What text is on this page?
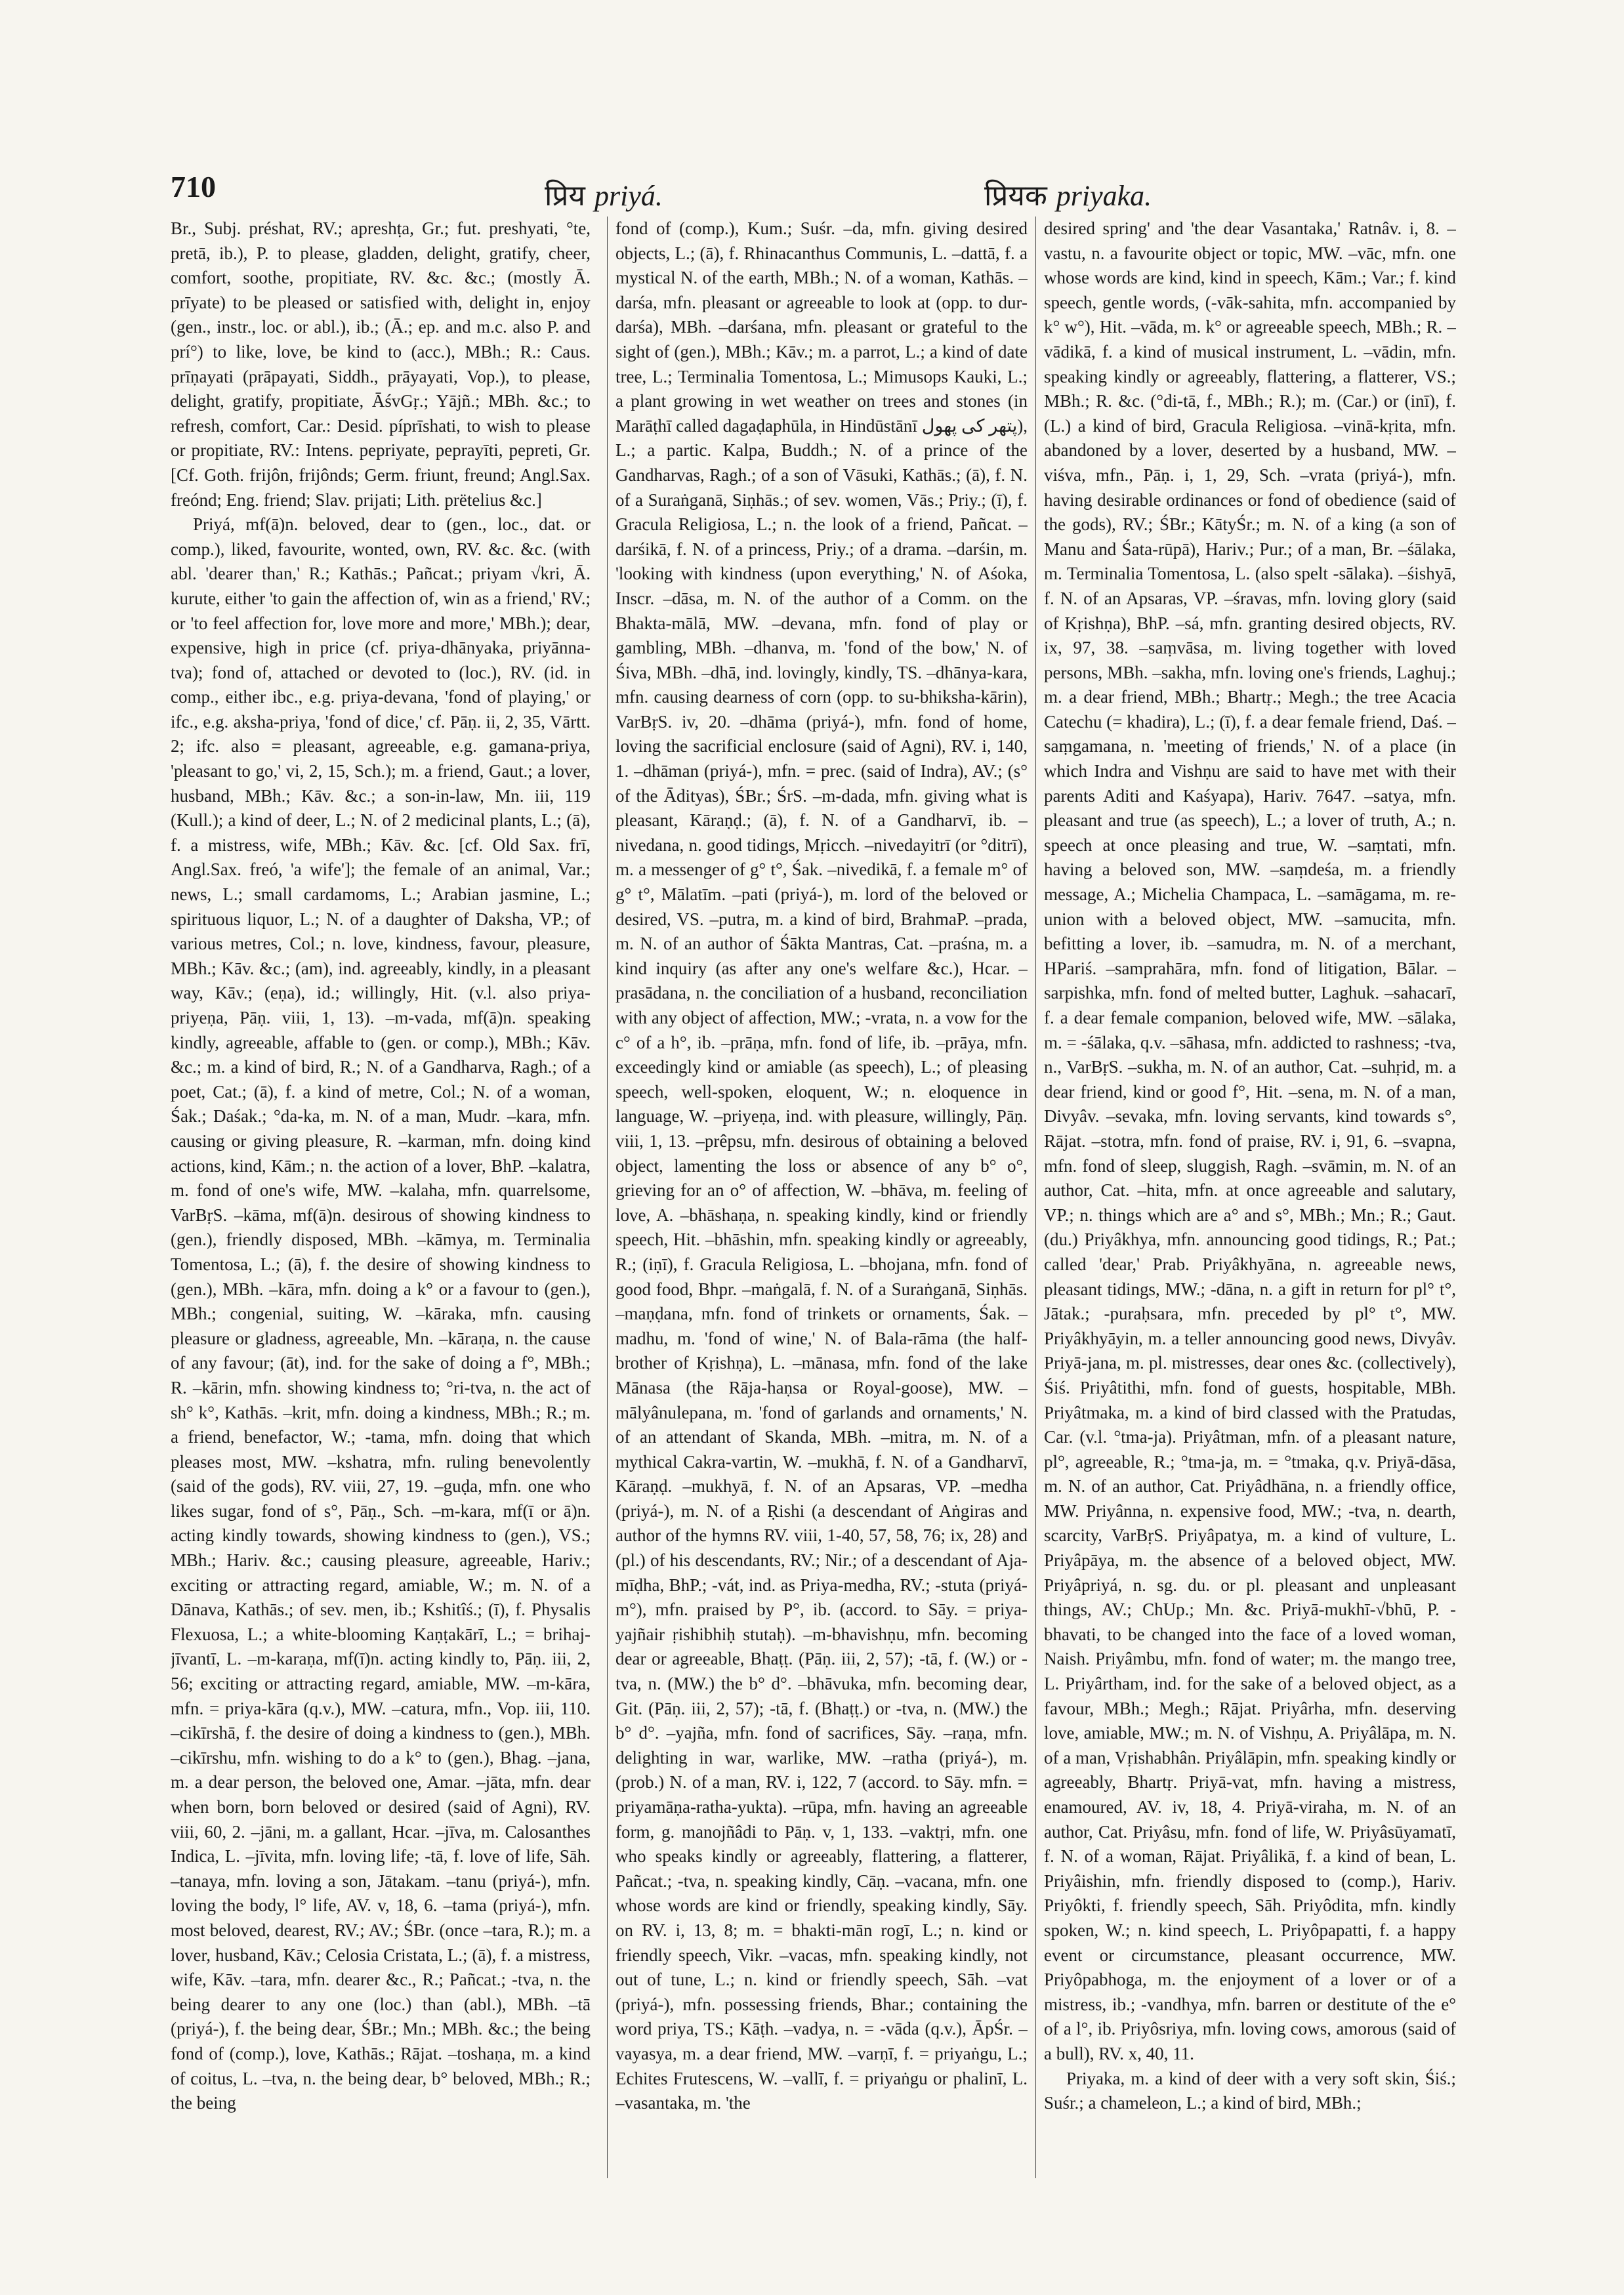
710	प्रिय priyá.	प्रियक priyaka.

Br., Subj. préshat, RV.; apreshṭa, Gr.; fut. preshyati, °te, pretā, ib.), P. to please, gladden, delight, gratify, cheer, comfort, soothe, propitiate, RV. &c. &c.; (mostly Ā. prīyate) to be pleased or satisfied with, delight in, enjoy (gen., instr., loc. or abl.), ib.; (Ā.; ep. and m.c. also P. and prí°) to like, love, be kind to (acc.), MBh.; R.: Caus. prīṇayati (prāpayati, Siddh., prāyayati, Vop.), to please, delight, gratify, propitiate, ĀśvGṛ.; Yājñ.; MBh. &c.; to refresh, comfort, Car.: Desid. píprīshati, to wish to please or propitiate, RV.: Intens. pepriyate, peprayīti, pepreti, Gr. [Cf. Goth. frijôn, frijônds; Germ. friunt, freund; Angl.Sax. freónd; Eng. friend; Slav. prijati; Lith. prëtelius &c.]

Priyá, mf(ā)n. beloved, dear to (gen., loc., dat. or comp.), liked, favourite, wonted, own, RV. &c. &c. (with abl. 'dearer than,' R.; Kathās.; Pañcat.; priyam √kri, Ā. kurute, either 'to gain the affection of, win as a friend,' RV.; or 'to feel affection for, love more and more,' MBh.); dear, expensive, high in price (cf. priya-dhānyaka, priyānna-tva); fond of, attached or devoted to (loc.), RV. (id. in comp., either ibc., e.g. priya-devana, 'fond of playing,' or ifc., e.g. aksha-priya, 'fond of dice,' cf. Pāṇ. ii, 2, 35, Vārtt. 2; ifc. also = pleasant, agreeable, e.g. gamana-priya, 'pleasant to go,' vi, 2, 15, Sch.); m. a friend, Gaut.; a lover, husband, MBh.; Kāv. &c.; a son-in-law, Mn. iii, 119 (Kull.); a kind of deer, L.; N. of 2 medicinal plants, L.; (ā), f. a mistress, wife, MBh.; Kāv. &c. [cf. Old Sax. frī, Angl.Sax. freó, 'a wife']; the female of an animal, Var.; news, L.; small cardamoms, L.; Arabian jasmine, L.; spirituous liquor, L.; N. of a daughter of Daksha, VP.; of various metres, Col.; n. love, kindness, favour, pleasure, MBh.; Kāv. &c.; (am), ind. agreeably, kindly, in a pleasant way, Kāv.; (eṇa), id.; willingly, Hit. (v.l. also priya-priyeṇa, Pāṇ. viii, 1, 13). –m-vada, mf(ā)n. speaking kindly, agreeable, affable to (gen. or comp.), MBh.; Kāv. &c.; m. a kind of bird, R.; N. of a Gandharva, Ragh.; of a poet, Cat.; (ā), f. a kind of metre, Col.; N. of a woman, Śak.; Daśak.; °da-ka, m. N. of a man, Mudr. –kara, mfn. causing or giving pleasure, R. –karman, mfn. doing kind actions, kind, Kām.; n. the action of a lover, BhP. –kalatra, m. fond of one's wife, MW. –kalaha, mfn. quarrelsome, VarBṛS. –kāma, mf(ā)n. desirous of showing kindness to (gen.), friendly disposed, MBh. –kāmya, m. Terminalia Tomentosa, L.; (ā), f. the desire of showing kindness to (gen.), MBh. –kāra, mfn. doing a k° or a favour to (gen.), MBh.; congenial, suiting, W. –kāraka, mfn. causing pleasure or gladness, agreeable, Mn. –kāraṇa, n. the cause of any favour; (āt), ind. for the sake of doing a f°, MBh.; R. –kārin, mfn. showing kindness to; °ri-tva, n. the act of sh° k°, Kathās. –krit, mfn. doing a kindness, MBh.; R.; m. a friend, benefactor, W.; -tama, mfn. doing that which pleases most, MW. –kshatra, mfn. ruling benevolently (said of the gods), RV. viii, 27, 19. –guḍa, mfn. one who likes sugar, fond of s°, Pāṇ., Sch. –m-kara, mf(ī or ā)n. acting kindly towards, showing kindness to (gen.), VS.; MBh.; Hariv. &c.; causing pleasure, agreeable, Hariv.; exciting or attracting regard, amiable, W.; m. N. of a Dānava, Kathās.; of sev. men, ib.; Kshitîś.; (ī), f. Physalis Flexuosa, L.; a white-blooming Kaṇṭakārī, L.; = brihaj-jīvantī, L. –m-karaṇa, mf(ī)n. acting kindly to, Pāṇ. iii, 2, 56; exciting or attracting regard, amiable, MW. –m-kāra, mfn. = priya-kāra (q.v.), MW. –catura, mfn., Vop. iii, 110. –cikīrshā, f. the desire of doing a kindness to (gen.), MBh. –cikīrshu, mfn. wishing to do a k° to (gen.), Bhag. –jana, m. a dear person, the beloved one, Amar. –jāta, mfn. dear when born, born beloved or desired (said of Agni), RV. viii, 60, 2. –jāni, m. a gallant, Hcar. –jīva, m. Calosanthes Indica, L. –jīvita, mfn. loving life; -tā, f. love of life, Sāh. –tanaya, mfn. loving a son, Jātakam. –tanu (priyá-), mfn. loving the body, l° life, AV. v, 18, 6. –tama (priyá-), mfn. most beloved, dearest, RV.; AV.; ŚBr. (once –tara, R.); m. a lover, husband, Kāv.; Celosia Cristata, L.; (ā), f. a mistress, wife, Kāv. –tara, mfn. dearer &c., R.; Pañcat.; -tva, n. the being dearer to any one (loc.) than (abl.), MBh. –tā (priyá-), f. the being dear, ŚBr.; Mn.; MBh. &c.; the being fond of (comp.), love, Kathās.; Rājat. –toshaṇa, m. a kind of coitus, L. –tva, n. the being dear, b° beloved, MBh.; R.; the being

fond of (comp.), Kum.; Suśr. –da, mfn. giving desired objects, L.; (ā), f. Rhinacanthus Communis, L. –dattā, f. a mystical N. of the earth, MBh.; N. of a woman, Kathās. –darśa, mfn. pleasant or agreeable to look at (opp. to dur-darśa), MBh. –darśana, mfn. pleasant or grateful to the sight of (gen.), MBh.; Kāv.; m. a parrot, L.; a kind of date tree, L.; Terminalia Tomentosa, L.; Mimusops Kauki, L.; a plant growing in wet weather on trees and stones (in Marāṭhī called dagaḍaphūla, in Hindūstānī پتهر کی پهول), L.; a partic. Kalpa, Buddh.; N. of a prince of the Gandharvas, Ragh.; of a son of Vāsuki, Kathās.; (ā), f. N. of a Suraṅganā, Siṇhās.; of sev. women, Vās.; Priy.; (ī), f. Gracula Religiosa, L.; n. the look of a friend, Pañcat. –darśikā, f. N. of a princess, Priy.; of a drama. –darśin, m. 'looking with kindness (upon everything,' N. of Aśoka, Inscr. –dāsa, m. N. of the author of a Comm. on the Bhakta-mālā, MW. –devana, mfn. fond of play or gambling, MBh. –dhanva, m. 'fond of the bow,' N. of Śiva, MBh. –dhā, ind. lovingly, kindly, TS. –dhānya-kara, mfn. causing dearness of corn (opp. to su-bhiksha-kārin), VarBṛS. iv, 20. –dhāma (priyá-), mfn. fond of home, loving the sacrificial enclosure (said of Agni), RV. i, 140, 1. –dhāman (priyá-), mfn. = prec. (said of Indra), AV.; (s° of the Ādityas), ŚBr.; ŚrS. –m-dada, mfn. giving what is pleasant, Kāraṇḍ.; (ā), f. N. of a Gandharvī, ib. –nivedana, n. good tidings, Mṛicch. –nivedayitrī (or °ditrī), m. a messenger of g° t°, Śak. –nivedikā, f. a female m° of g° t°, Mālatīm. –pati (priyá-), m. lord of the beloved or desired, VS. –putra, m. a kind of bird, BrahmaP. –prada, m. N. of an author of Śākta Mantras, Cat. –praśna, m. a kind inquiry (as after any one's welfare &c.), Hcar. –prasādana, n. the conciliation of a husband, reconciliation with any object of affection, MW.; -vrata, n. a vow for the c° of a h°, ib. –prāṇa, mfn. fond of life, ib. –prāya, mfn. exceedingly kind or amiable (as speech), L.; of pleasing speech, well-spoken, eloquent, W.; n. eloquence in language, W. –priyeṇa, ind. with pleasure, willingly, Pāṇ. viii, 1, 13. –prêpsu, mfn. desirous of obtaining a beloved object, lamenting the loss or absence of any b° o°, grieving for an o° of affection, W. –bhāva, m. feeling of love, A. –bhāshaṇa, n. speaking kindly, kind or friendly speech, Hit. –bhāshin, mfn. speaking kindly or agreeably, R.; (iṇī), f. Gracula Religiosa, L. –bhojana, mfn. fond of good food, Bhpr. –maṅgalā, f. N. of a Suraṅganā, Siṇhās. –maṇḍana, mfn. fond of trinkets or ornaments, Śak. –madhu, m. 'fond of wine,' N. of Bala-rāma (the half-brother of Kṛishṇa), L. –mānasa, mfn. fond of the lake Mānasa (the Rāja-haṇsa or Royal-goose), MW. –mālyânulepana, m. 'fond of garlands and ornaments,' N. of an attendant of Skanda, MBh. –mitra, m. N. of a mythical Cakra-vartin, W. –mukhā, f. N. of a Gandharvī, Kāraṇḍ. –mukhyā, f. N. of an Apsaras, VP. –medha (priyá-), m. N. of a Ṛishi (a descendant of Aṅgiras and author of the hymns RV. viii, 1-40, 57, 58, 76; ix, 28) and (pl.) of his descendants, RV.; Nir.; of a descendant of Aja-mīḍha, BhP.; -vát, ind. as Priya-medha, RV.; -stuta (priyá-m°), mfn. praised by P°, ib. (accord. to Sāy. = priya-yajñair ṛishibhiḥ stutaḥ). –m-bhavishṇu, mfn. becoming dear or agreeable, Bhaṭṭ. (Pāṇ. iii, 2, 57); -tā, f. (W.) or -tva, n. (MW.) the b° d°. –bhāvuka, mfn. becoming dear, Git. (Pāṇ. iii, 2, 57); -tā, f. (Bhaṭṭ.) or -tva, n. (MW.) the b° d°. –yajña, mfn. fond of sacrifices, Sāy. –raṇa, mfn. delighting in war, warlike, MW. –ratha (priyá-), m. (prob.) N. of a man, RV. i, 122, 7 (accord. to Sāy. mfn. = priyamāṇa-ratha-yukta). –rūpa, mfn. having an agreeable form, g. manojñâdi to Pāṇ. v, 1, 133. –vaktṛi, mfn. one who speaks kindly or agreeably, flattering, a flatterer, Pañcat.; -tva, n. speaking kindly, Cāṇ. –vacana, mfn. one whose words are kind or friendly, speaking kindly, Sāy. on RV. i, 13, 8; m. = bhakti-mān rogī, L.; n. kind or friendly speech, Vikr. –vacas, mfn. speaking kindly, not out of tune, L.; n. kind or friendly speech, Sāh. –vat (priyá-), mfn. possessing friends, Bhar.; containing the word priya, TS.; Kāṭh. –vadya, n. = -vāda (q.v.), ĀpŚr. –vayasya, m. a dear friend, MW. –varṇī, f. = priyaṅgu, L.; Echites Frutescens, W. –vallī, f. = priyaṅgu or phalinī, L. –vasantaka, m. 'the

desired spring' and 'the dear Vasantaka,' Ratnâv. i, 8. –vastu, n. a favourite object or topic, MW. –vāc, mfn. one whose words are kind, kind in speech, Kām.; Var.; f. kind speech, gentle words, (-vāk-sahita, mfn. accompanied by k° w°), Hit. –vāda, m. k° or agreeable speech, MBh.; R. –vādikā, f. a kind of musical instrument, L. –vādin, mfn. speaking kindly or agreeably, flattering, a flatterer, VS.; MBh.; R. &c. (°di-tā, f., MBh.; R.); m. (Car.) or (inī), f. (L.) a kind of bird, Gracula Religiosa. –vinā-kṛita, mfn. abandoned by a lover, deserted by a husband, MW. –viśva, mfn., Pāṇ. i, 1, 29, Sch. –vrata (priyá-), mfn. having desirable ordinances or fond of obedience (said of the gods), RV.; ŚBr.; KātyŚr.; m. N. of a king (a son of Manu and Śata-rūpā), Hariv.; Pur.; of a man, Br. –śālaka, m. Terminalia Tomentosa, L. (also spelt -sālaka). –śishyā, f. N. of an Apsaras, VP. –śravas, mfn. loving glory (said of Kṛishṇa), BhP. –sá, mfn. granting desired objects, RV. ix, 97, 38. –saṃvāsa, m. living together with loved persons, MBh. –sakha, mfn. loving one's friends, Laghuj.; m. a dear friend, MBh.; Bhartṛ.; Megh.; the tree Acacia Catechu (= khadira), L.; (ī), f. a dear female friend, Daś. –saṃgamana, n. 'meeting of friends,' N. of a place (in which Indra and Vishṇu are said to have met with their parents Aditi and Kaśyapa), Hariv. 7647. –satya, mfn. pleasant and true (as speech), L.; a lover of truth, A.; n. speech at once pleasing and true, W. –saṃtati, mfn. having a beloved son, MW. –saṃdeśa, m. a friendly message, A.; Michelia Champaca, L. –samāgama, m. re-union with a beloved object, MW. –samucita, mfn. befitting a lover, ib. –samudra, m. N. of a merchant, HPariś. –samprahāra, mfn. fond of litigation, Bālar. –sarpishka, mfn. fond of melted butter, Laghuk. –sahacarī, f. a dear female companion, beloved wife, MW. –sālaka, m. = -śālaka, q.v. –sāhasa, mfn. addicted to rashness; -tva, n., VarBṛS. –sukha, m. N. of an author, Cat. –suhṛid, m. a dear friend, kind or good f°, Hit. –sena, m. N. of a man, Divyâv. –sevaka, mfn. loving servants, kind towards s°, Rājat. –stotra, mfn. fond of praise, RV. i, 91, 6. –svapna, mfn. fond of sleep, sluggish, Ragh. –svāmin, m. N. of an author, Cat. –hita, mfn. at once agreeable and salutary, VP.; n. things which are a° and s°, MBh.; Mn.; R.; Gaut. (du.) Priyâkhya, mfn. announcing good tidings, R.; Pat.; called 'dear,' Prab. Priyâkhyāna, n. agreeable news, pleasant tidings, MW.; -dāna, n. a gift in return for pl° t°, Jātak.; -puraḥsara, mfn. preceded by pl° t°, MW. Priyâkhyāyin, m. a teller announcing good news, Divyâv. Priyā-jana, m. pl. mistresses, dear ones &c. (collectively), Śiś. Priyâtithi, mfn. fond of guests, hospitable, MBh. Priyâtmaka, m. a kind of bird classed with the Pratudas, Car. (v.l. °tma-ja). Priyâtman, mfn. of a pleasant nature, pl°, agreeable, R.; °tma-ja, m. = °tmaka, q.v. Priyā-dāsa, m. N. of an author, Cat. Priyâdhāna, n. a friendly office, MW. Priyânna, n. expensive food, MW.; -tva, n. dearth, scarcity, VarBṛS. Priyâpatya, m. a kind of vulture, L. Priyâpāya, m. the absence of a beloved object, MW. Priyâpriyá, n. sg. du. or pl. pleasant and unpleasant things, AV.; ChUp.; Mn. &c. Priyā-mukhī-√bhū, P. -bhavati, to be changed into the face of a loved woman, Naish. Priyâmbu, mfn. fond of water; m. the mango tree, L. Priyârtham, ind. for the sake of a beloved object, as a favour, MBh.; Megh.; Rājat. Priyârha, mfn. deserving love, amiable, MW.; m. N. of Vishṇu, A. Priyâlāpa, m. N. of a man, Vṛishabhân. Priyâlāpin, mfn. speaking kindly or agreeably, Bhartṛ. Priyā-vat, mfn. having a mistress, enamoured, AV. iv, 18, 4. Priyā-viraha, m. N. of an author, Cat. Priyâsu, mfn. fond of life, W. Priyâsūyamatī, f. N. of a woman, Rājat. Priyâlikā, f. a kind of bean, L. Priyâishin, mfn. friendly disposed to (comp.), Hariv. Priyôkti, f. friendly speech, Sāh. Priyôdita, mfn. kindly spoken, W.; n. kind speech, L. Priyôpapatti, f. a happy event or circumstance, pleasant occurrence, MW. Priyôpabhoga, m. the enjoyment of a lover or of a mistress, ib.; -vandhya, mfn. barren or destitute of the e° of a l°, ib. Priyôsriya, mfn. loving cows, amorous (said of a bull), RV. x, 40, 11.

Priyaka, m. a kind of deer with a very soft skin, Śiś.; Suśr.; a chameleon, L.; a kind of bird, MBh.;
